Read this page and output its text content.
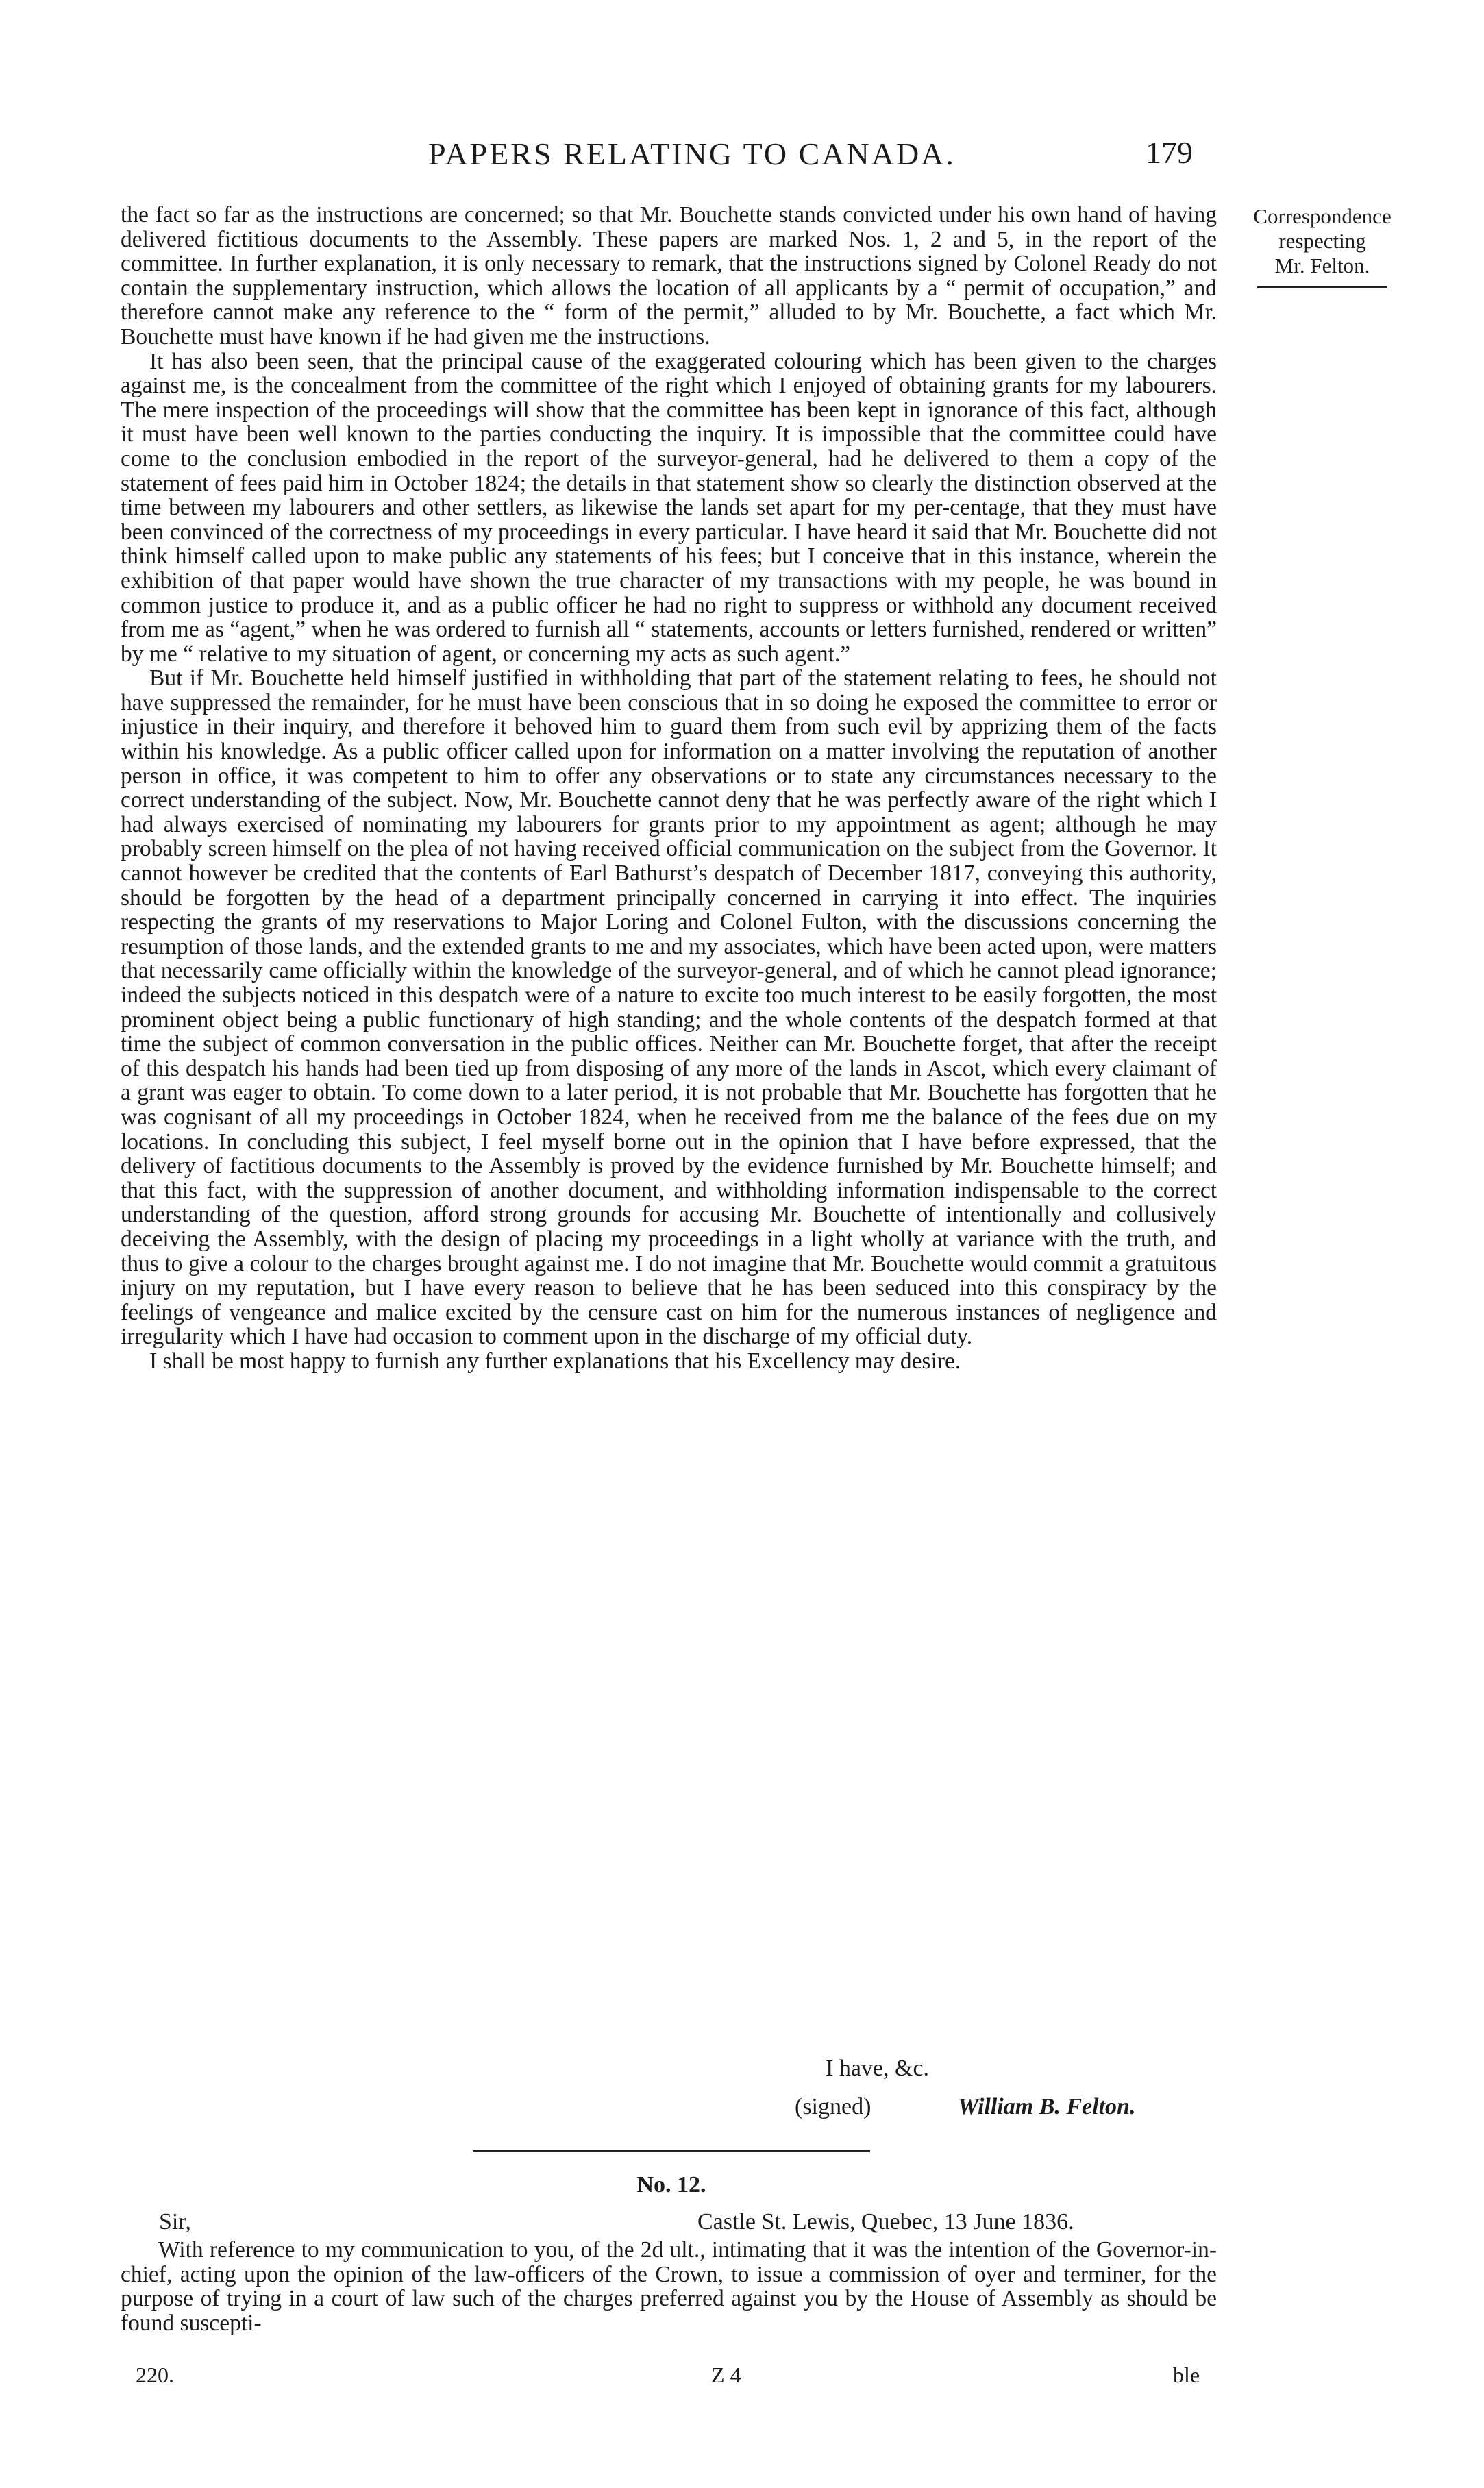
PAPERS RELATING TO CANADA.	179
Correspondence
respecting
Mr. Felton.

the fact so far as the instructions are concerned; so that Mr. Bouchette stands convicted under his own hand of having delivered fictitious documents to the Assembly. These papers are marked Nos. 1, 2 and 5, in the report of the committee. In further explanation, it is only necessary to remark, that the instructions signed by Colonel Ready do not contain the supplementary instruction, which allows the location of all applicants by a “ permit of occupation,” and therefore cannot make any reference to the “ form of the permit,” alluded to by Mr. Bouchette, a fact which Mr. Bouchette must have known if he had given me the instructions.

It has also been seen, that the principal cause of the exaggerated colouring which has been given to the charges against me, is the concealment from the committee of the right which I enjoyed of obtaining grants for my labourers. The mere inspection of the proceedings will show that the committee has been kept in ignorance of this fact, although it must have been well known to the parties conducting the inquiry. It is impossible that the committee could have come to the conclusion embodied in the report of the surveyor-general, had he delivered to them a copy of the statement of fees paid him in October 1824; the details in that statement show so clearly the distinction observed at the time between my labourers and other settlers, as likewise the lands set apart for my per-centage, that they must have been convinced of the correctness of my proceedings in every particular. I have heard it said that Mr. Bouchette did not think himself called upon to make public any statements of his fees; but I conceive that in this instance, wherein the exhibition of that paper would have shown the true character of my transactions with my people, he was bound in common justice to produce it, and as a public officer he had no right to suppress or withhold any document received from me as “agent,” when he was ordered to furnish all “ statements, accounts or letters furnished, rendered or written” by me “ relative to my situation of agent, or concerning my acts as such agent.”

But if Mr. Bouchette held himself justified in withholding that part of the statement relating to fees, he should not have suppressed the remainder, for he must have been conscious that in so doing he exposed the committee to error or injustice in their inquiry, and therefore it behoved him to guard them from such evil by apprizing them of the facts within his knowledge. As a public officer called upon for information on a matter involving the reputation of another person in office, it was competent to him to offer any observations or to state any circumstances necessary to the correct understanding of the subject. Now, Mr. Bouchette cannot deny that he was perfectly aware of the right which I had always exercised of nominating my labourers for grants prior to my appointment as agent; although he may probably screen himself on the plea of not having received official communication on the subject from the Governor. It cannot however be credited that the contents of Earl Bathurst’s despatch of December 1817, conveying this authority, should be forgotten by the head of a department principally concerned in carrying it into effect. The inquiries respecting the grants of my reservations to Major Loring and Colonel Fulton, with the discussions concerning the resumption of those lands, and the extended grants to me and my associates, which have been acted upon, were matters that necessarily came officially within the knowledge of the surveyor-general, and of which he cannot plead ignorance; indeed the subjects noticed in this despatch were of a nature to excite too much interest to be easily forgotten, the most prominent object being a public functionary of high standing; and the whole contents of the despatch formed at that time the subject of common conversation in the public offices. Neither can Mr. Bouchette forget, that after the receipt of this despatch his hands had been tied up from disposing of any more of the lands in Ascot, which every claimant of a grant was eager to obtain. To come down to a later period, it is not probable that Mr. Bouchette has forgotten that he was cognisant of all my proceedings in October 1824, when he received from me the balance of the fees due on my locations. In concluding this subject, I feel myself borne out in the opinion that I have before expressed, that the delivery of factitious documents to the Assembly is proved by the evidence furnished by Mr. Bouchette himself; and that this fact, with the suppression of another document, and withholding information indispensable to the correct understanding of the question, afford strong grounds for accusing Mr. Bouchette of intentionally and collusively deceiving the Assembly, with the design of placing my proceedings in a light wholly at variance with the truth, and thus to give a colour to the charges brought against me. I do not imagine that Mr. Bouchette would commit a gratuitous injury on my reputation, but I have every reason to believe that he has been seduced into this conspiracy by the feelings of vengeance and malice excited by the censure cast on him for the numerous instances of negligence and irregularity which I have had occasion to comment upon in the discharge of my official duty.

I shall be most happy to furnish any further explanations that his Excellency may desire.

I have, &c.
(signed)	William B. Felton.
No. 12.
Sir,	Castle St. Lewis, Quebec, 13 June 1836.

With reference to my communication to you, of the 2d ult., intimating that it was the intention of the Governor-in-chief, acting upon the opinion of the law-officers of the Crown, to issue a commission of oyer and terminer, for the purpose of trying in a court of law such of the charges preferred against you by the House of Assembly as should be found suscepti-

220.	Z 4	ble
